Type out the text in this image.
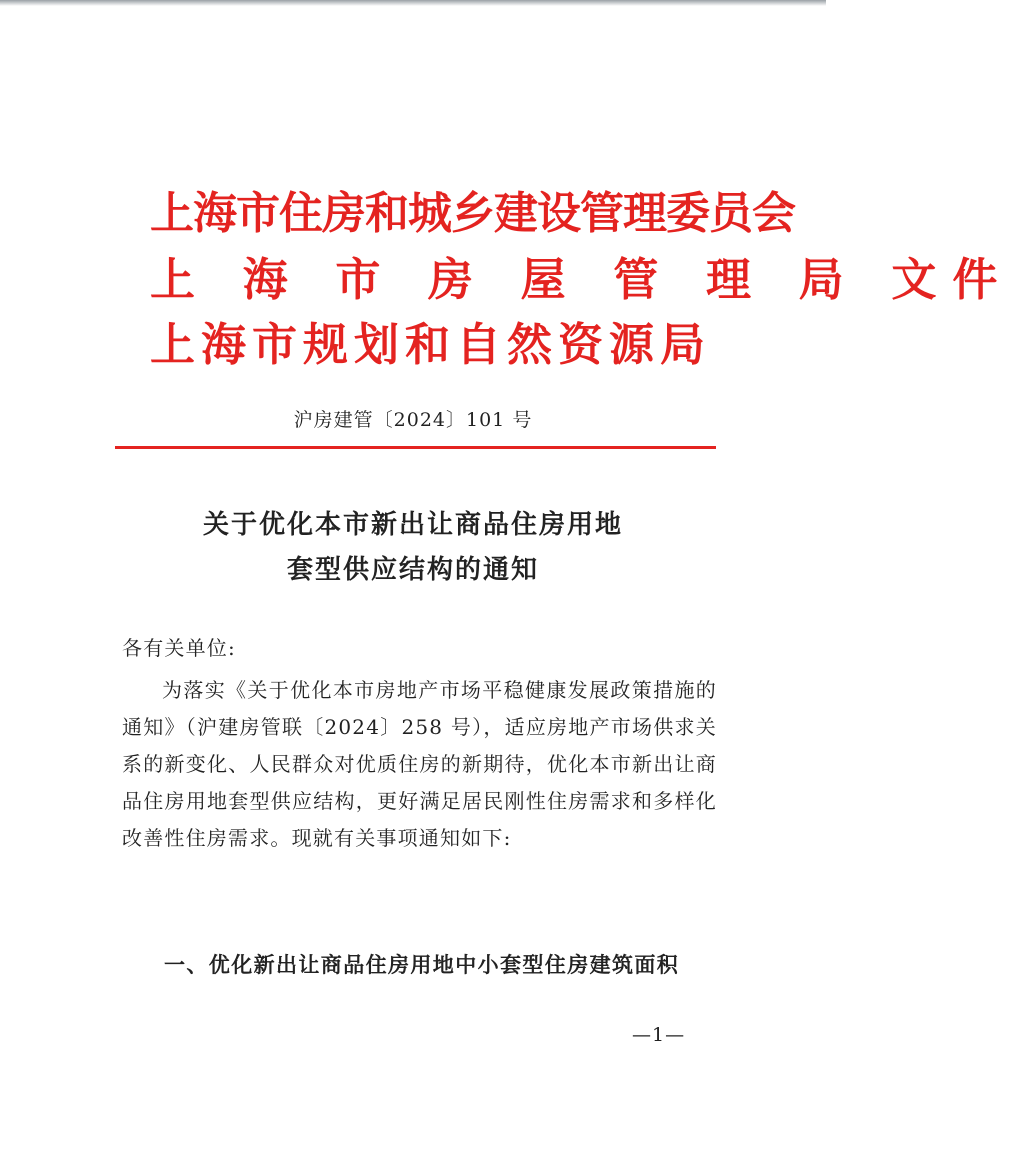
上海市住房和城乡建设管理委员会
上 海 市 房 屋 管 理 局 文件
上海市规划和自然资源局
沪房建管〔2024〕101 号
关于优化本市新出让商品住房用地
套型供应结构的通知
各有关单位:
为落实《关于优化本市房地产市场平稳健康发展政策措施的通知》（沪建房管联〔2024〕258 号），适应房地产市场供求关系的新变化、人民群众对优质住房的新期待，优化本市新出让商品住房用地套型供应结构，更好满足居民刚性住房需求和多样化改善性住房需求。现就有关事项通知如下:
一、优化新出让商品住房用地中小套型住房建筑面积
—1—
